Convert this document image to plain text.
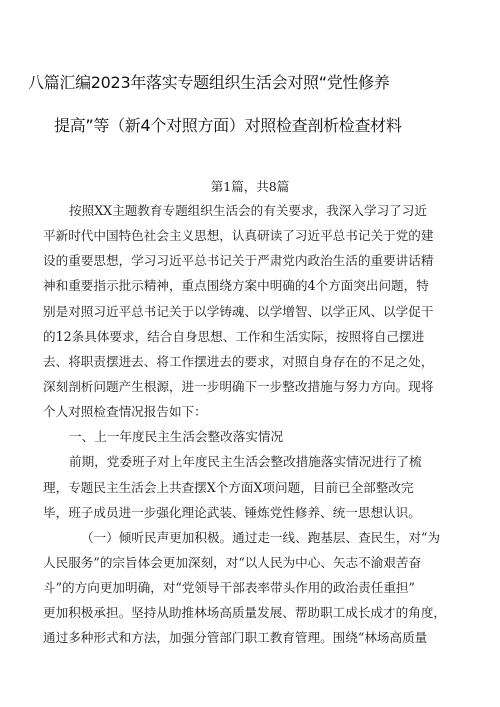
八篇汇编2023年落实专题组织生活会对照“党性修养
提高”等（新4个对照方面）对照检查剖析检查材料
第1篇，共8篇
按照XX主题教育专题组织生活会的有关要求，我深入学习了习近
平新时代中国特色社会主义思想，认真研读了习近平总书记关于党的建
设的重要思想，学习习近平总书记关于严肃党内政治生活的重要讲话精
神和重要指示批示精神，重点围绕方案中明确的4个方面突出问题，特
别是对照习近平总书记关于以学铸魂、以学增智、以学正风、以学促干
的12条具体要求，结合自身思想、工作和生活实际，按照将自己摆进
去、将职责摆进去、将工作摆进去的要求，对照自身存在的不足之处，
深刻剖析问题产生根源，进一步明确下一步整改措施与努力方向。现将
个人对照检查情况报告如下：
一、上一年度民主生活会整改落实情况
前期，党委班子对上年度民主生活会整改措施落实情况进行了梳
理，专题民主生活会上共查摆X个方面X项问题，目前已全部整改完
毕，班子成员进一步强化理论武装、锤炼党性修养、统一思想认识。
（一）倾听民声更加积极。通过走一线、跑基层、查民生，对“为
人民服务”的宗旨体会更加深刻，对“以人民为中心、矢志不渝艰苦奋
斗”的方向更加明确，对“党领导干部表率带头作用的政治责任重担”
更加积极承担。坚持从助推林场高质量发展、帮助职工成长成才的角度，
通过多种形式和方法，加强分管部门职工教育管理。围绕“林场高质量
